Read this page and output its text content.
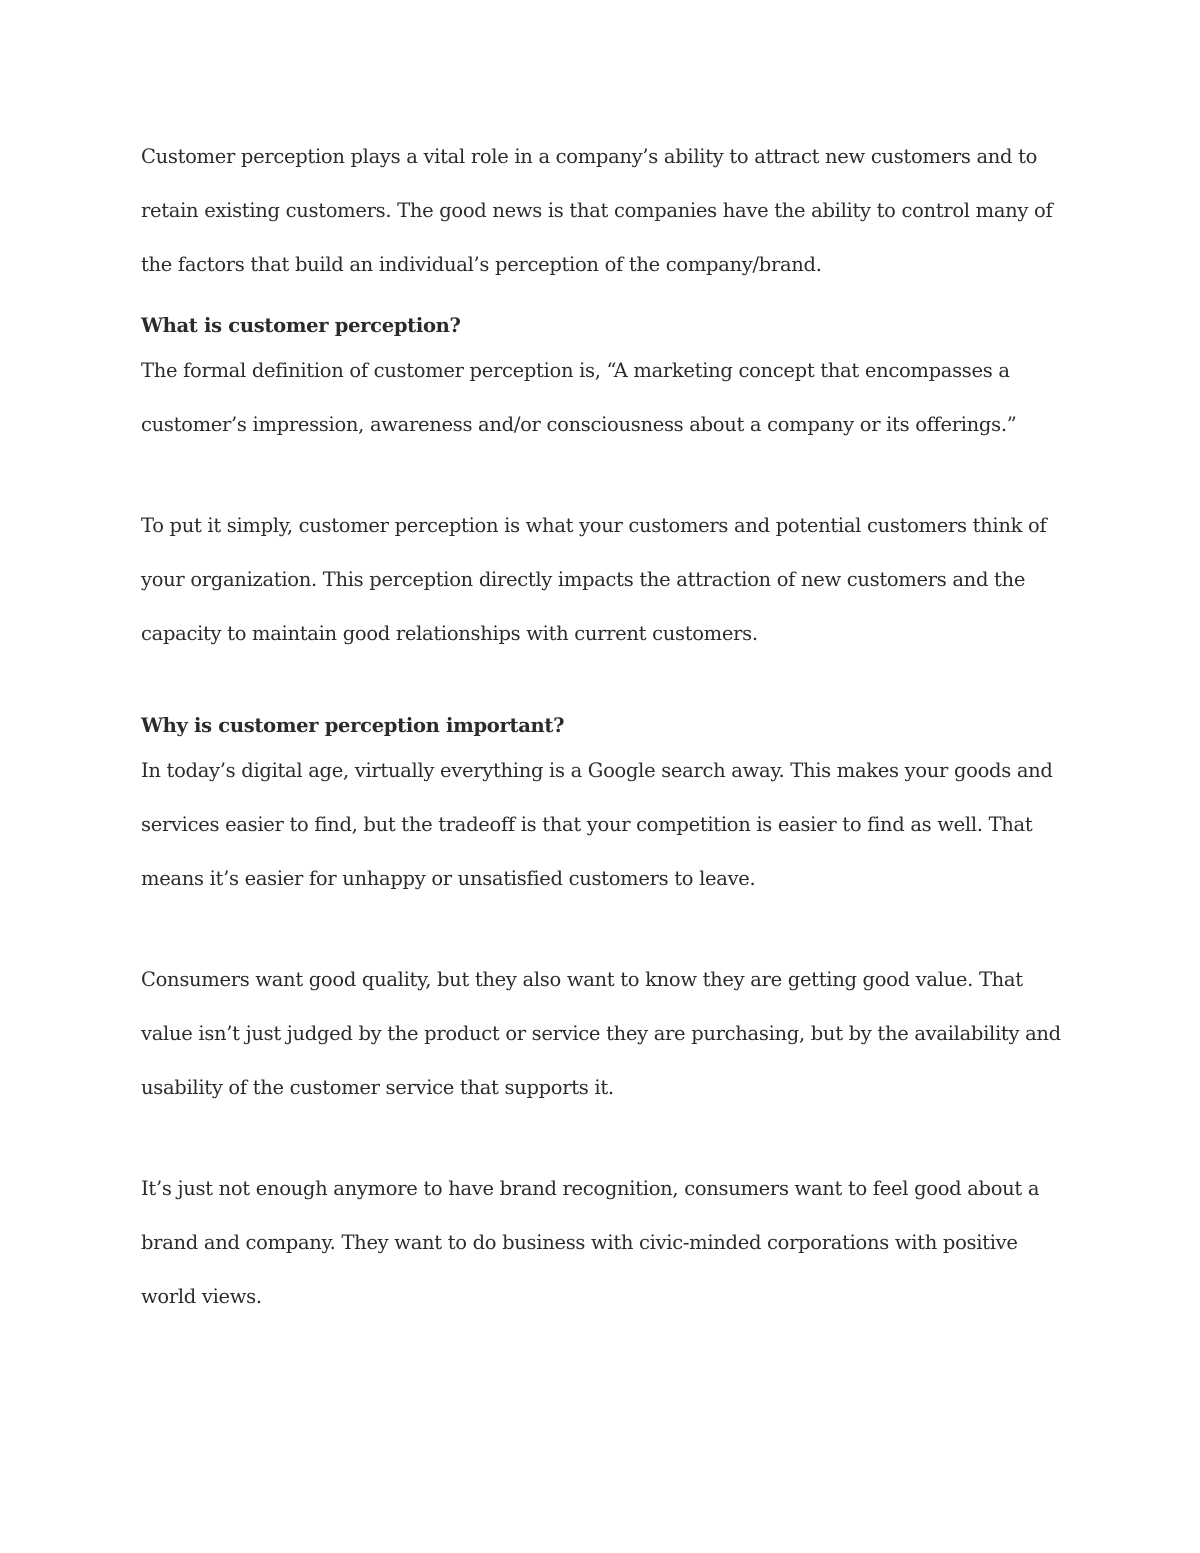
Customer perception plays a vital role in a company’s ability to attract new customers and to retain existing customers. The good news is that companies have the ability to control many of the factors that build an individual’s perception of the company/brand.

What is customer perception?

The formal definition of customer perception is, “A marketing concept that encompasses a customer’s impression, awareness and/or consciousness about a company or its offerings.”

To put it simply, customer perception is what your customers and potential customers think of your organization. This perception directly impacts the attraction of new customers and the capacity to maintain good relationships with current customers.

Why is customer perception important?

In today’s digital age, virtually everything is a Google search away. This makes your goods and services easier to find, but the tradeoff is that your competition is easier to find as well. That means it’s easier for unhappy or unsatisfied customers to leave.

Consumers want good quality, but they also want to know they are getting good value. That value isn’t just judged by the product or service they are purchasing, but by the availability and usability of the customer service that supports it.

It’s just not enough anymore to have brand recognition, consumers want to feel good about a brand and company. They want to do business with civic-minded corporations with positive world views.
